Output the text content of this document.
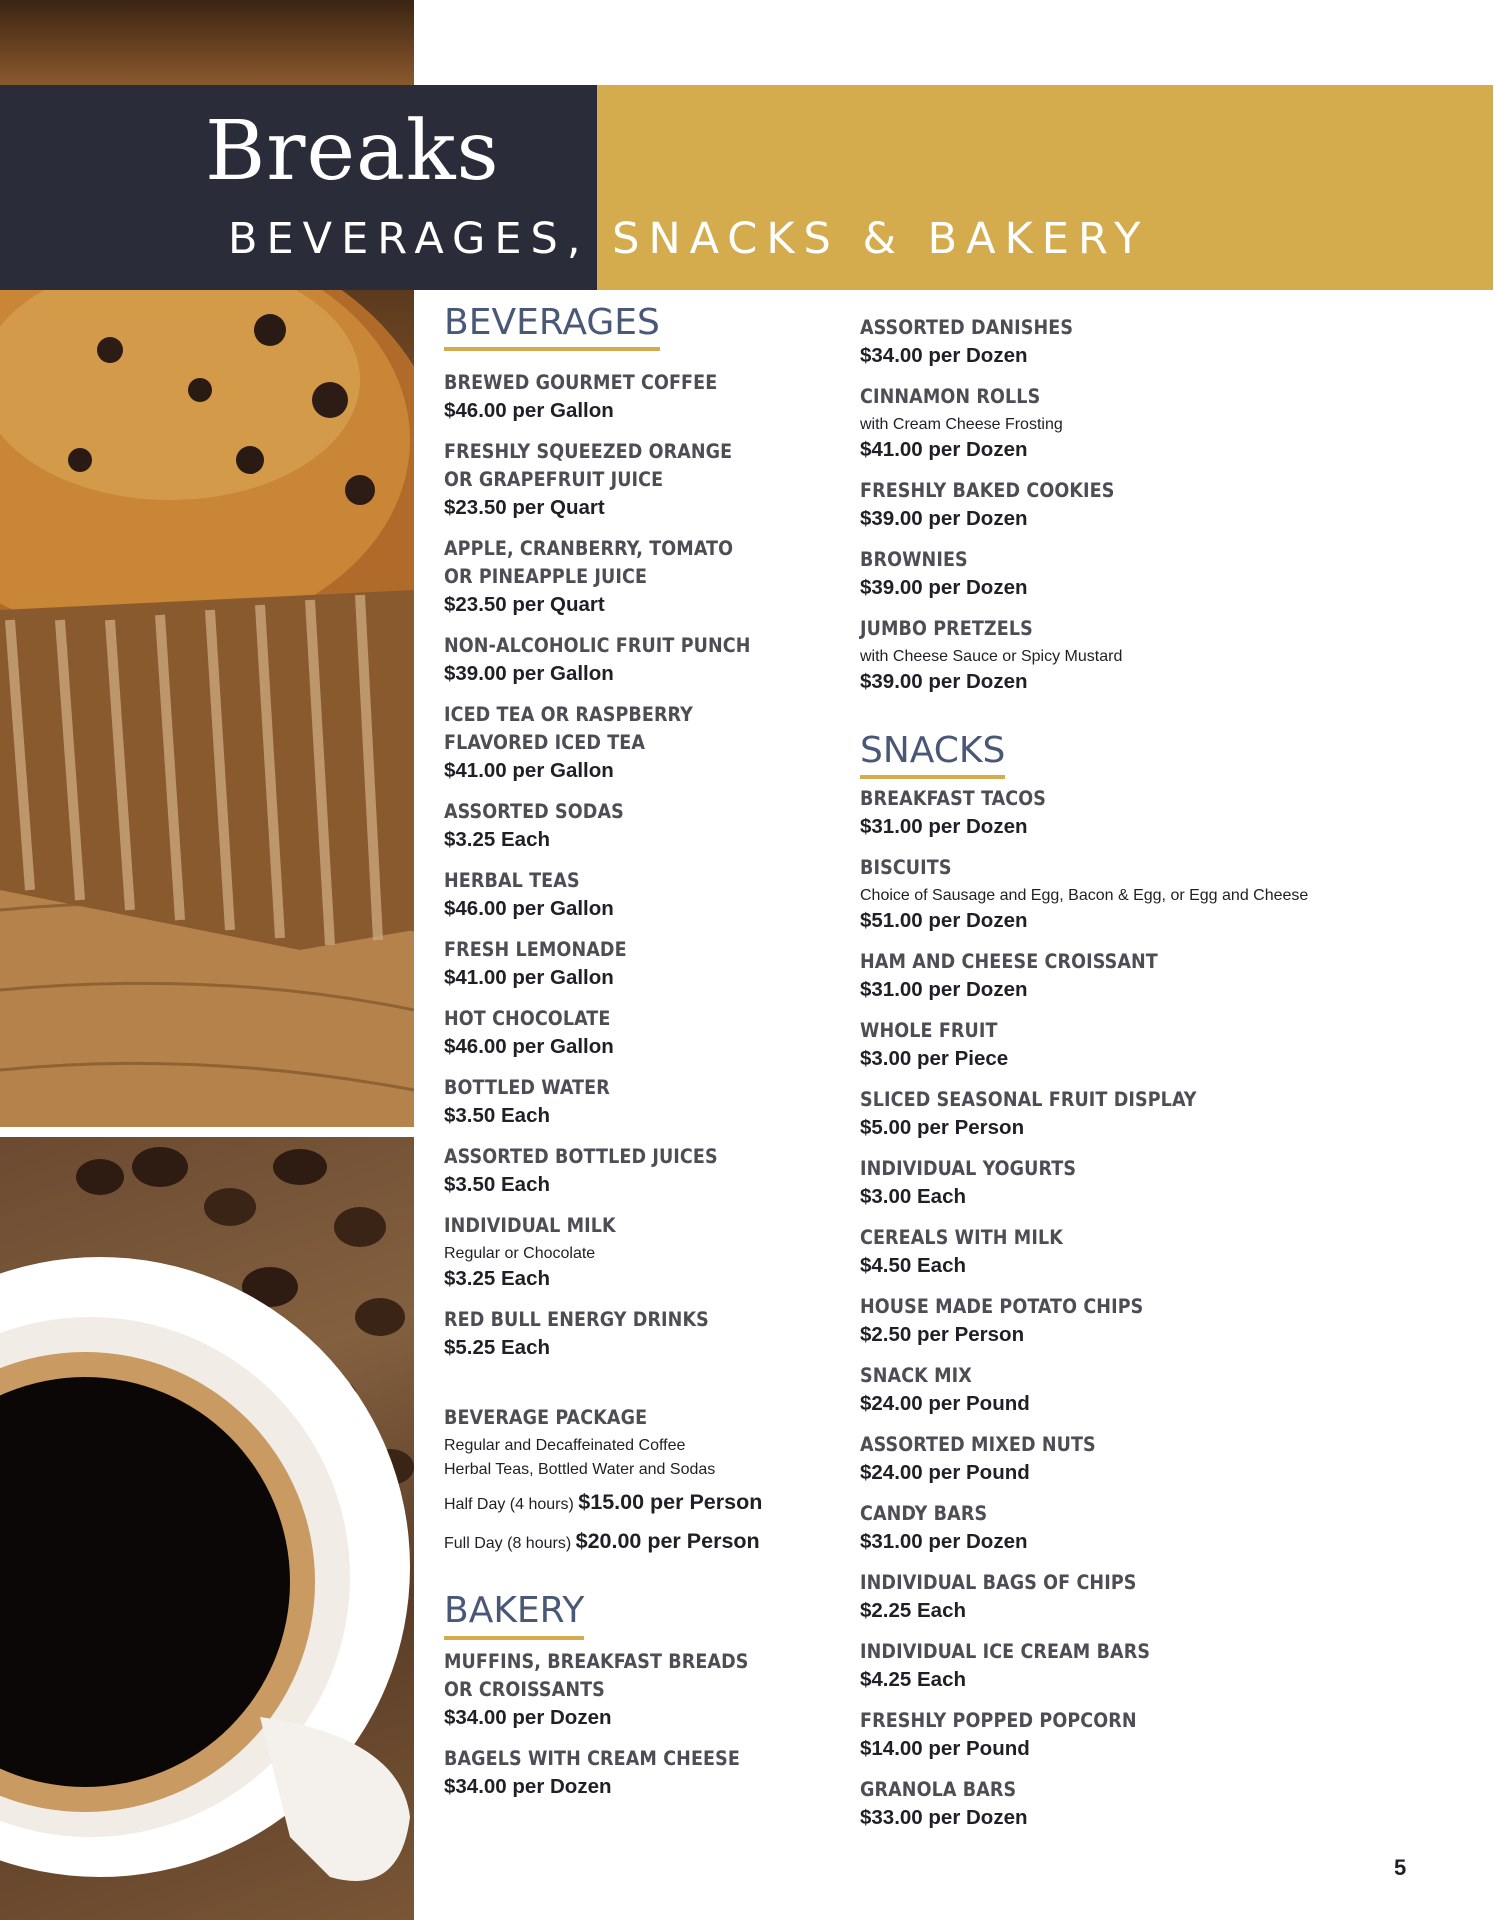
Breaks
BEVERAGES, SNACKS & BAKERY
BEVERAGES
BREWED GOURMET COFFEE
$46.00 per Gallon
FRESHLY SQUEEZED ORANGE
OR GRAPEFRUIT JUICE
$23.50 per Quart
APPLE, CRANBERRY, TOMATO
OR PINEAPPLE JUICE
$23.50 per Quart
NON-ALCOHOLIC FRUIT PUNCH
$39.00 per Gallon
ICED TEA OR RASPBERRY
FLAVORED ICED TEA
$41.00 per Gallon
ASSORTED SODAS
$3.25 Each
HERBAL TEAS
$46.00 per Gallon
FRESH LEMONADE
$41.00 per Gallon
HOT CHOCOLATE
$46.00 per Gallon
BOTTLED WATER
$3.50 Each
ASSORTED BOTTLED JUICES
$3.50 Each
INDIVIDUAL MILK
Regular or Chocolate
$3.25 Each
RED BULL ENERGY DRINKS
$5.25 Each
BEVERAGE PACKAGE
Regular and Decaffeinated Coffee
Herbal Teas, Bottled Water and Sodas
Half Day (4 hours) $15.00 per Person
Full Day (8 hours) $20.00 per Person
BAKERY
MUFFINS, BREAKFAST BREADS
OR CROISSANTS
$34.00 per Dozen
BAGELS WITH CREAM CHEESE
$34.00 per Dozen
ASSORTED DANISHES
$34.00 per Dozen
CINNAMON ROLLS
with Cream Cheese Frosting
$41.00 per Dozen
FRESHLY BAKED COOKIES
$39.00 per Dozen
BROWNIES
$39.00 per Dozen
JUMBO PRETZELS
with Cheese Sauce or Spicy Mustard
$39.00 per Dozen
SNACKS
BREAKFAST TACOS
$31.00 per Dozen
BISCUITS
Choice of Sausage and Egg, Bacon & Egg, or Egg and Cheese
$51.00 per Dozen
HAM AND CHEESE CROISSANT
$31.00 per Dozen
WHOLE FRUIT
$3.00 per Piece
SLICED SEASONAL FRUIT DISPLAY
$5.00 per Person
INDIVIDUAL YOGURTS
$3.00 Each
CEREALS WITH MILK
$4.50 Each
HOUSE MADE POTATO CHIPS
$2.50 per Person
SNACK MIX
$24.00 per Pound
ASSORTED MIXED NUTS
$24.00 per Pound
CANDY BARS
$31.00 per Dozen
INDIVIDUAL BAGS OF CHIPS
$2.25 Each
INDIVIDUAL ICE CREAM BARS
$4.25 Each
FRESHLY POPPED POPCORN
$14.00 per Pound
GRANOLA BARS
$33.00 per Dozen
5
